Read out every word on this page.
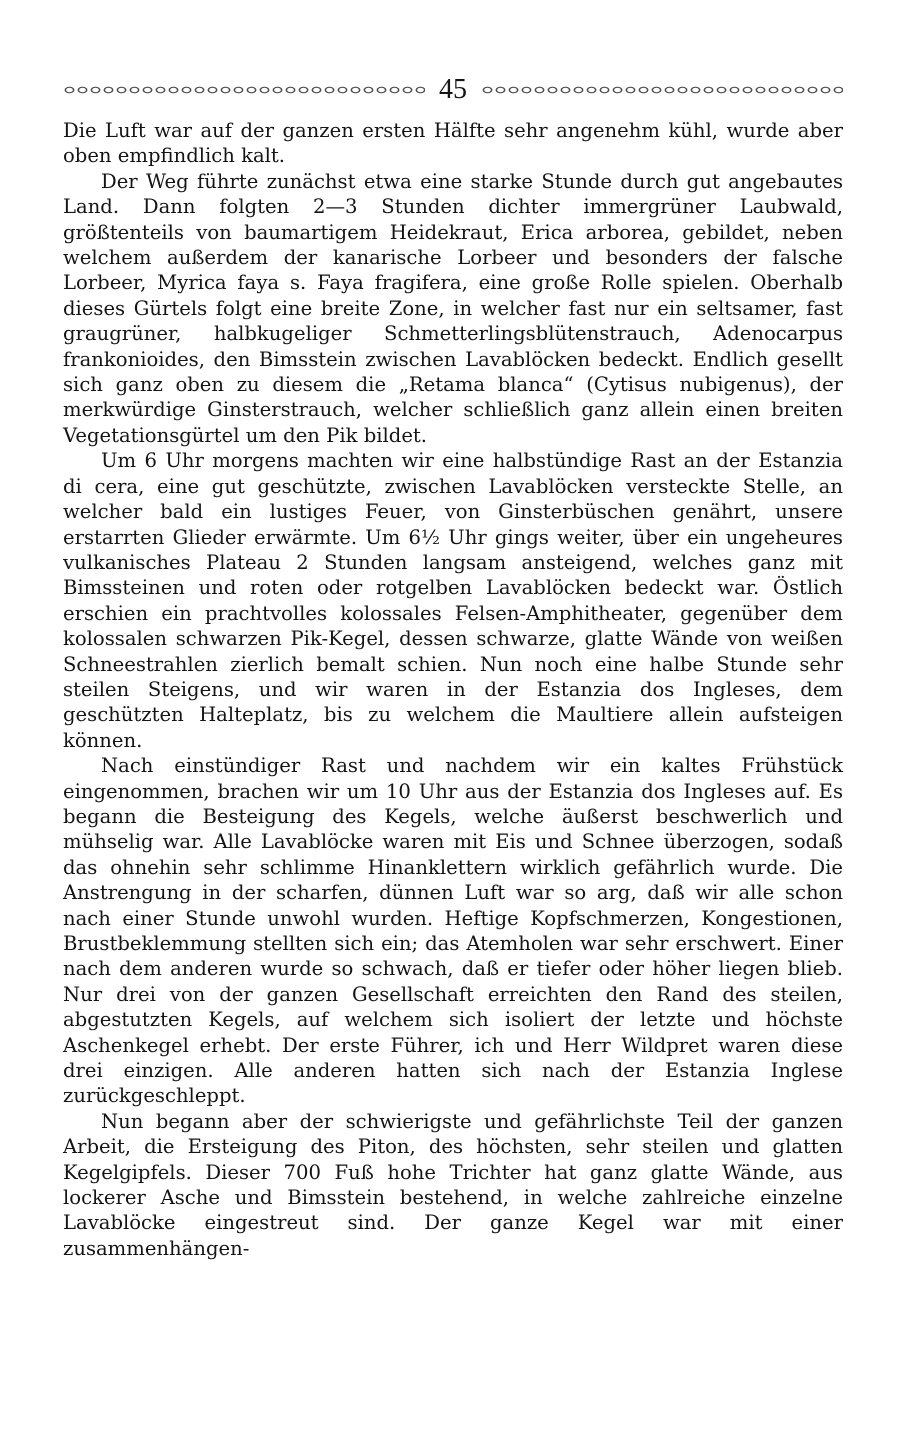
45

Die Luft war auf der ganzen ersten Hälfte sehr angenehm kühl, wurde aber oben empfindlich kalt.

Der Weg führte zunächst etwa eine starke Stunde durch gut angebautes Land. Dann folgten 2—3 Stunden dichter immergrüner Laubwald, größtenteils von baumartigem Heidekraut, Erica arborea, gebildet, neben welchem außerdem der kanarische Lorbeer und besonders der falsche Lorbeer, Myrica faya s. Faya fragifera, eine große Rolle spielen. Oberhalb dieses Gürtels folgt eine breite Zone, in welcher fast nur ein seltsamer, fast graugrüner, halbkugeliger Schmetterlingsblütenstrauch, Adenocarpus frankonioides, den Bimsstein zwischen Lavablöcken bedeckt. Endlich gesellt sich ganz oben zu diesem die „Retama blanca“ (Cytisus nubigenus), der merkwürdige Ginsterstrauch, welcher schließlich ganz allein einen breiten Vegetationsgürtel um den Pik bildet.

Um 6 Uhr morgens machten wir eine halbstündige Rast an der Estanzia di cera, eine gut geschützte, zwischen Lavablöcken versteckte Stelle, an welcher bald ein lustiges Feuer, von Ginsterbüschen genährt, unsere erstarrten Glieder erwärmte. Um 6½ Uhr gings weiter, über ein ungeheures vulkanisches Plateau 2 Stunden langsam ansteigend, welches ganz mit Bimssteinen und roten oder rotgelben Lavablöcken bedeckt war. Östlich erschien ein prachtvolles kolossales Felsen-Amphitheater, gegenüber dem kolossalen schwarzen Pik-Kegel, dessen schwarze, glatte Wände von weißen Schneestrahlen zierlich bemalt schien. Nun noch eine halbe Stunde sehr steilen Steigens, und wir waren in der Estanzia dos Ingleses, dem geschützten Halteplatz, bis zu welchem die Maultiere allein aufsteigen können.

Nach einstündiger Rast und nachdem wir ein kaltes Frühstück eingenommen, brachen wir um 10 Uhr aus der Estanzia dos Ingleses auf. Es begann die Besteigung des Kegels, welche äußerst beschwerlich und mühselig war. Alle Lavablöcke waren mit Eis und Schnee überzogen, sodaß das ohnehin sehr schlimme Hinanklettern wirklich gefährlich wurde. Die Anstrengung in der scharfen, dünnen Luft war so arg, daß wir alle schon nach einer Stunde unwohl wurden. Heftige Kopfschmerzen, Kongestionen, Brustbeklemmung stellten sich ein; das Atemholen war sehr erschwert. Einer nach dem anderen wurde so schwach, daß er tiefer oder höher liegen blieb. Nur drei von der ganzen Gesellschaft erreichten den Rand des steilen, abgestutzten Kegels, auf welchem sich isoliert der letzte und höchste Aschenkegel erhebt. Der erste Führer, ich und Herr Wildpret waren diese drei einzigen. Alle anderen hatten sich nach der Estanzia Inglese zurückgeschleppt.

Nun begann aber der schwierigste und gefährlichste Teil der ganzen Arbeit, die Ersteigung des Piton, des höchsten, sehr steilen und glatten Kegelgipfels. Dieser 700 Fuß hohe Trichter hat ganz glatte Wände, aus lockerer Asche und Bimsstein bestehend, in welche zahlreiche einzelne Lavablöcke eingestreut sind. Der ganze Kegel war mit einer zusammenhängen-
